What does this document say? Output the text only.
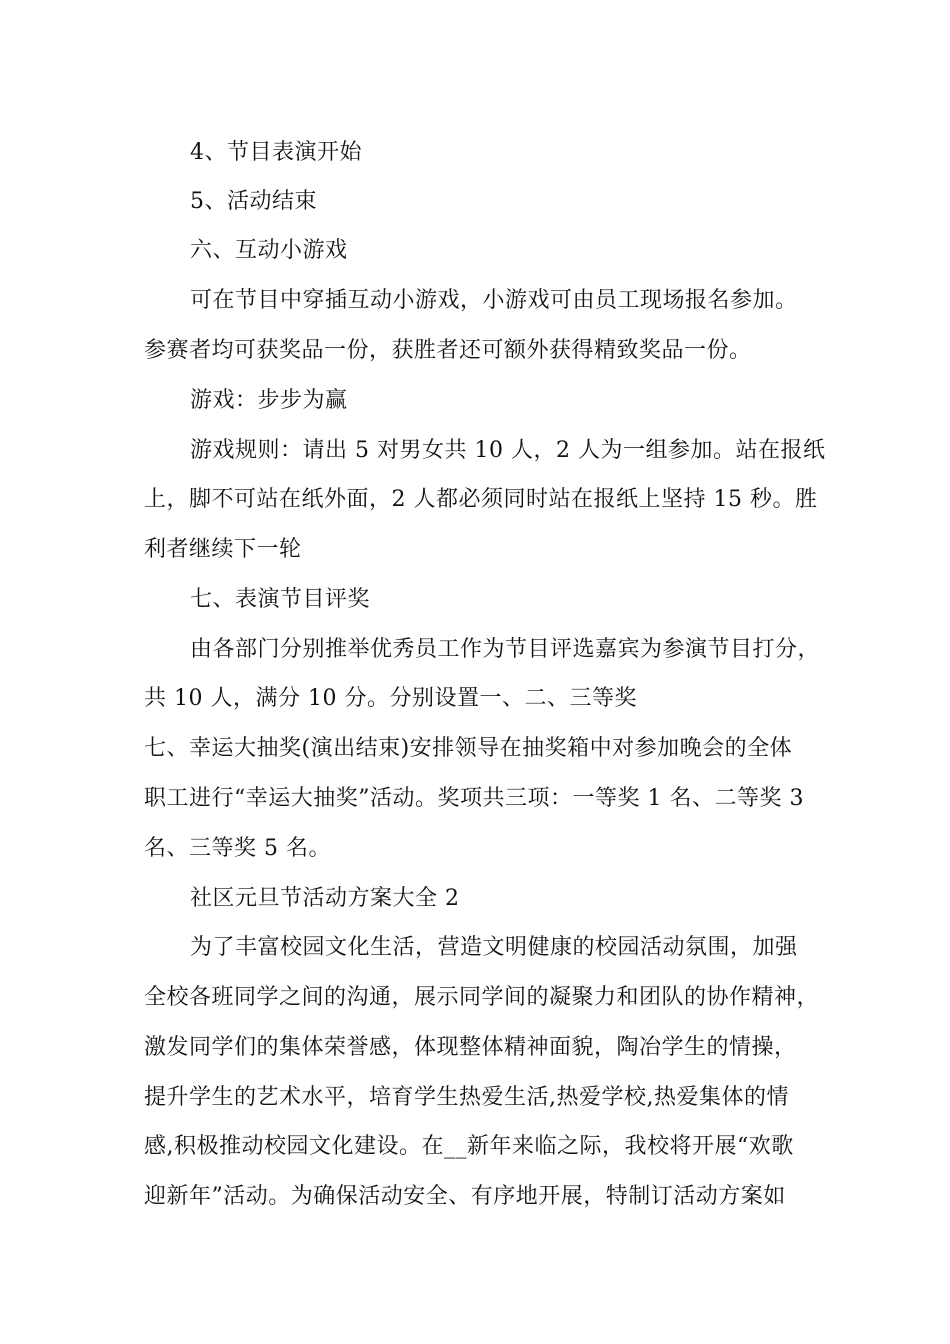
4、节目表演开始
5、活动结束
六、互动小游戏
可在节目中穿插互动小游戏，小游戏可由员工现场报名参加。
参赛者均可获奖品一份，获胜者还可额外获得精致奖品一份。
游戏：步步为赢
游戏规则：请出 5 对男女共 10 人，2 人为一组参加。站在报纸
上，脚不可站在纸外面，2 人都必须同时站在报纸上坚持 15 秒。胜
利者继续下一轮
七、表演节目评奖
由各部门分别推举优秀员工作为节目评选嘉宾为参演节目打分，
共 10 人，满分 10 分。分别设置一、二、三等奖
七、幸运大抽奖(演出结束)安排领导在抽奖箱中对参加晚会的全体
职工进行“幸运大抽奖”活动。奖项共三项：一等奖 1 名、二等奖 3
名、三等奖 5 名。
社区元旦节活动方案大全 2
为了丰富校园文化生活，营造文明健康的校园活动氛围，加强
全校各班同学之间的沟通，展示同学间的凝聚力和团队的协作精神，
激发同学们的集体荣誉感，体现整体精神面貌，陶冶学生的情操，
提升学生的艺术水平，培育学生热爱生活,热爱学校,热爱集体的情
感,积极推动校园文化建设。在__新年来临之际，我校将开展“欢歌
迎新年”活动。为确保活动安全、有序地开展，特制订活动方案如
